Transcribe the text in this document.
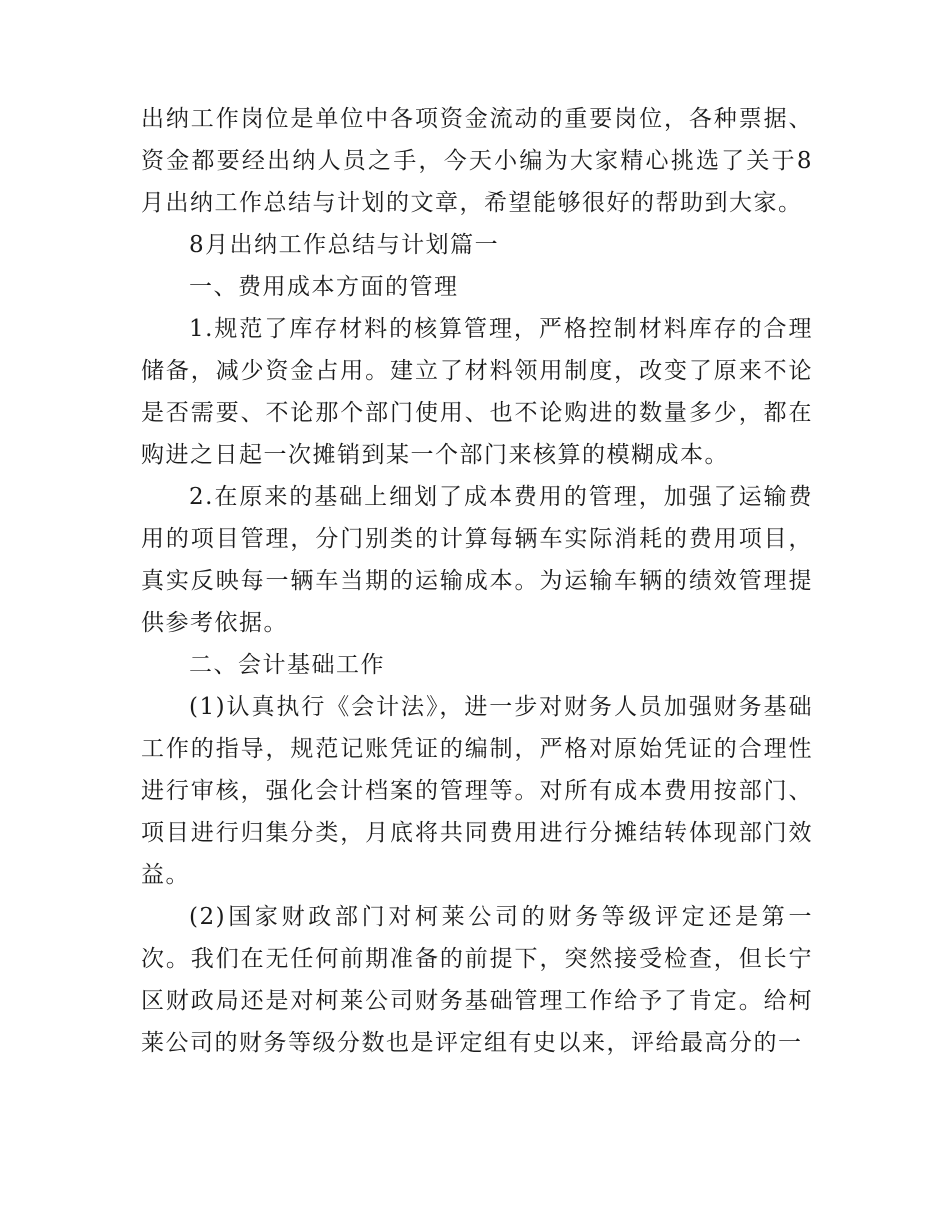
出纳工作岗位是单位中各项资金流动的重要岗位，各种票据、资金都要经出纳人员之手，今天小编为大家精心挑选了关于8月出纳工作总结与计划的文章，希望能够很好的帮助到大家。

8月出纳工作总结与计划篇一

一、费用成本方面的管理

1.规范了库存材料的核算管理，严格控制材料库存的合理储备，减少资金占用。建立了材料领用制度，改变了原来不论是否需要、不论那个部门使用、也不论购进的数量多少，都在购进之日起一次摊销到某一个部门来核算的模糊成本。

2.在原来的基础上细划了成本费用的管理，加强了运输费用的项目管理，分门别类的计算每辆车实际消耗的费用项目，真实反映每一辆车当期的运输成本。为运输车辆的绩效管理提供参考依据。

二、会计基础工作

(1)认真执行《会计法》，进一步对财务人员加强财务基础工作的指导，规范记账凭证的编制，严格对原始凭证的合理性进行审核，强化会计档案的管理等。对所有成本费用按部门、项目进行归集分类，月底将共同费用进行分摊结转体现部门效益。

(2)国家财政部门对柯莱公司的财务等级评定还是第一次。我们在无任何前期准备的前提下，突然接受检查，但长宁区财政局还是对柯莱公司财务基础管理工作给予了肯定。给柯莱公司的财务等级分数也是评定组有史以来，评给最高分的一
